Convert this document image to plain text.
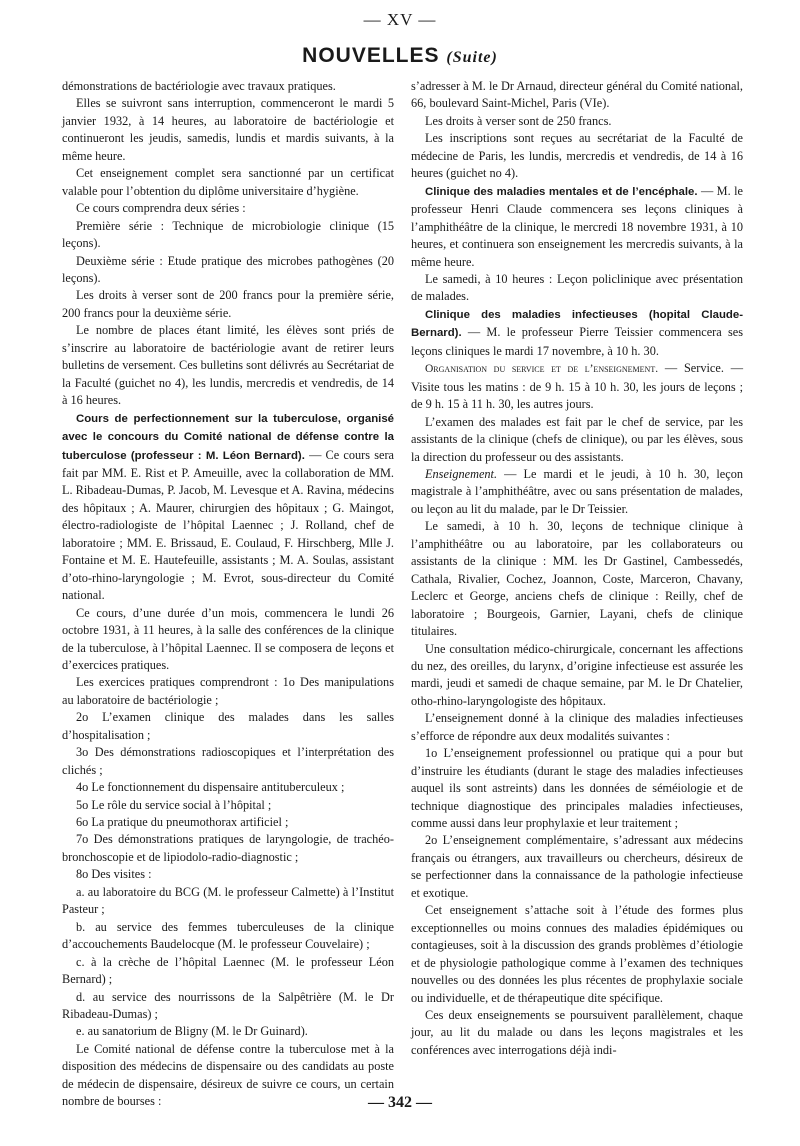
— XV —
NOUVELLES (Suite)

démonstrations de bactériologie avec travaux pratiques.

Elles se suivront sans interruption, commenceront le mardi 5 janvier 1932, à 14 heures, au laboratoire de bactériologie et continueront les jeudis, samedis, lundis et mardis suivants, à la même heure.

Cet enseignement complet sera sanctionné par un certificat valable pour l’obtention du diplôme universitaire d’hygiène.

Ce cours comprendra deux séries :

Première série : Technique de microbiologie clinique (15 leçons).

Deuxième série : Etude pratique des microbes pathogènes (20 leçons).

Les droits à verser sont de 200 francs pour la première série, 200 francs pour la deuxième série.

Le nombre de places étant limité, les élèves sont priés de s’inscrire au laboratoire de bactériologie avant de retirer leurs bulletins de versement. Ces bulletins sont délivrés au Secrétariat de la Faculté (guichet no 4), les lundis, mercredis et vendredis, de 14 à 16 heures.

Cours de perfectionnement sur la tuberculose, organisé avec le concours du Comité national de défense contre la tuberculose (professeur : M. Léon Bernard). — Ce cours sera fait par MM. E. Rist et P. Ameuille, avec la collaboration de MM. L. Ribadeau-Dumas, P. Jacob, M. Levesque et A. Ravina, médecins des hôpitaux ; A. Maurer, chirurgien des hôpitaux ; G. Maingot, électro-radiologiste de l’hôpital Laennec ; J. Rolland, chef de laboratoire ; MM. E. Brissaud, E. Coulaud, F. Hirschberg, Mlle J. Fontaine et M. E. Hautefeuille, assistants ; M. A. Soulas, assistant d’oto-rhino-laryngologie ; M. Evrot, sous-directeur du Comité national.

Ce cours, d’une durée d’un mois, commencera le lundi 26 octobre 1931, à 11 heures, à la salle des conférences de la clinique de la tuberculose, à l’hôpital Laennec. Il se composera de leçons et d’exercices pratiques.

Les exercices pratiques comprendront : 1o Des manipulations au laboratoire de bactériologie ;

2o L’examen clinique des malades dans les salles d’hospitalisation ;

3o Des démonstrations radioscopiques et l’interprétation des clichés ;

4o Le fonctionnement du dispensaire antituberculeux ;

5o Le rôle du service social à l’hôpital ;

6o La pratique du pneumothorax artificiel ;

7o Des démonstrations pratiques de laryngologie, de trachéo-bronchoscopie et de lipiodolo-radio-diagnostic ;

8o Des visites :

a. au laboratoire du BCG (M. le professeur Calmette) à l’Institut Pasteur ;

b. au service des femmes tuberculeuses de la clinique d’accouchements Baudelocque (M. le professeur Couvelaire) ;

c. à la crèche de l’hôpital Laennec (M. le professeur Léon Bernard) ;

d. au service des nourrissons de la Salpêtrière (M. le Dr Ribadeau-Dumas) ;

e. au sanatorium de Bligny (M. le Dr Guinard).

Le Comité national de défense contre la tuberculose met à la disposition des médecins de dispensaire ou des candidats au poste de médecin de dispensaire, désireux de suivre ce cours, un certain nombre de bourses :

s’adresser à M. le Dr Arnaud, directeur général du Comité national, 66, boulevard Saint-Michel, Paris (VIe).

Les droits à verser sont de 250 francs.

Les inscriptions sont reçues au secrétariat de la Faculté de médecine de Paris, les lundis, mercredis et vendredis, de 14 à 16 heures (guichet no 4).

Clinique des maladies mentales et de l’encéphale. — M. le professeur Henri Claude commencera ses leçons cliniques à l’amphithéâtre de la clinique, le mercredi 18 novembre 1931, à 10 heures, et continuera son enseignement les mercredis suivants, à la même heure.

Le samedi, à 10 heures : Leçon policlinique avec présentation de malades.

Clinique des maladies infectieuses (hopital Claude-Bernard). — M. le professeur Pierre Teissier commencera ses leçons cliniques le mardi 17 novembre, à 10 h. 30.

Organisation du service et de l’enseignement. — Service. — Visite tous les matins : de 9 h. 15 à 10 h. 30, les jours de leçons ; de 9 h. 15 à 11 h. 30, les autres jours.

L’examen des malades est fait par le chef de service, par les assistants de la clinique (chefs de clinique), ou par les élèves, sous la direction du professeur ou des assistants.

Enseignement. — Le mardi et le jeudi, à 10 h. 30, leçon magistrale à l’amphithéâtre, avec ou sans présentation de malades, ou leçon au lit du malade, par le Dr Teissier.

Le samedi, à 10 h. 30, leçons de technique clinique à l’amphithéâtre ou au laboratoire, par les collaborateurs ou assistants de la clinique : MM. les Dr Gastinel, Cambessedés, Cathala, Rivalier, Cochez, Joannon, Coste, Marceron, Chavany, Leclerc et George, anciens chefs de clinique : Reilly, chef de laboratoire ; Bourgeois, Garnier, Layani, chefs de clinique titulaires.

Une consultation médico-chirurgicale, concernant les affections du nez, des oreilles, du larynx, d’origine infectieuse est assurée les mardi, jeudi et samedi de chaque semaine, par M. le Dr Chatelier, otho-rhino-laryngologiste des hôpitaux.

L’enseignement donné à la clinique des maladies infectieuses s’efforce de répondre aux deux modalités suivantes :

1o L’enseignement professionnel ou pratique qui a pour but d’instruire les étudiants (durant le stage des maladies infectieuses auquel ils sont astreints) dans les données de séméiologie et de technique diagnostique des principales maladies infectieuses, comme aussi dans leur prophylaxie et leur traitement ;

2o L’enseignement complémentaire, s’adressant aux médecins français ou étrangers, aux travailleurs ou chercheurs, désireux de se perfectionner dans la connaissance de la pathologie infectieuse et exotique.

Cet enseignement s’attache soit à l’étude des formes plus exceptionnelles ou moins connues des maladies épidémiques ou contagieuses, soit à la discussion des grands problèmes d’étiologie et de physiologie pathologique comme à l’examen des techniques nouvelles ou des données les plus récentes de prophylaxie sociale ou individuelle, et de thérapeutique dite spécifique.

Ces deux enseignements se poursuivent parallèlement, chaque jour, au lit du malade ou dans les leçons magistrales et les conférences avec interrogations déjà indi-

— 342 —
